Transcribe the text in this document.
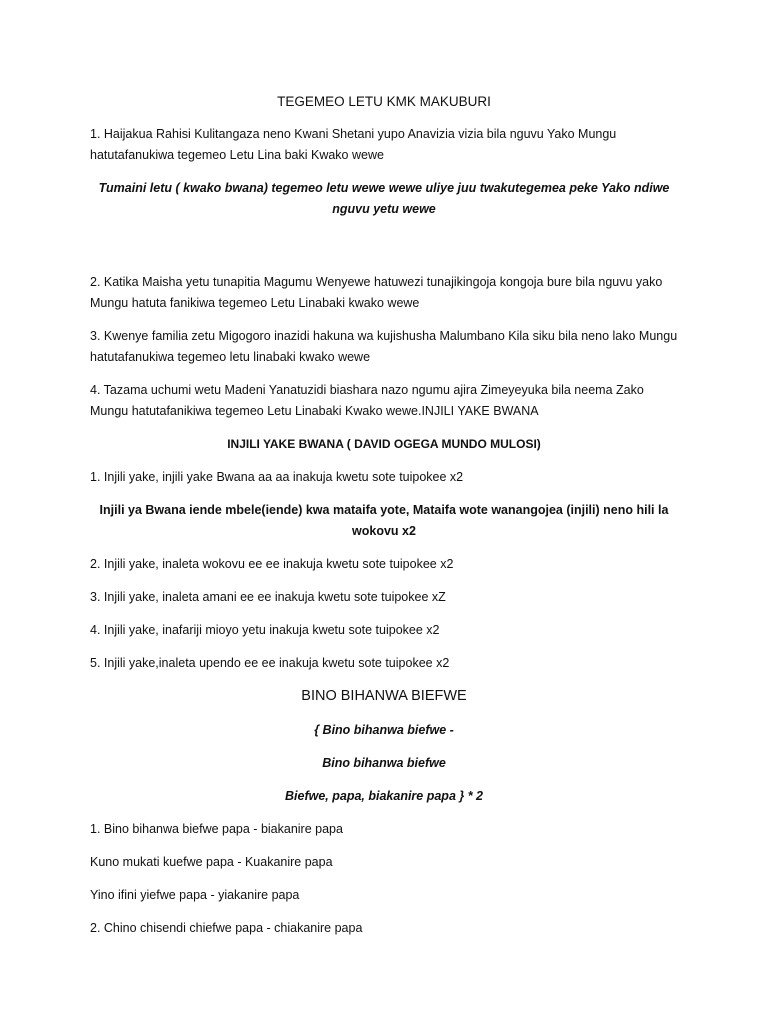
TEGEMEO LETU KMK MAKUBURI

1. Haijakua Rahisi Kulitangaza neno Kwani Shetani yupo Anavizia vizia bila nguvu Yako Mungu hatutafanukiwa tegemeo Letu Lina baki Kwako wewe

Tumaini letu ( kwako bwana) tegemeo letu wewe wewe uliye juu twakutegemea peke Yako ndiwe nguvu yetu wewe

2. Katika Maisha yetu tunapitia Magumu Wenyewe hatuwezi tunajikingoja kongoja bure bila nguvu yako Mungu hatuta fanikiwa tegemeo Letu Linabaki kwako wewe

3. Kwenye familia zetu Migogoro inazidi hakuna wa kujishusha Malumbano Kila siku bila neno lako Mungu hatutafanukiwa tegemeo letu linabaki kwako wewe

4. Tazama uchumi wetu Madeni Yanatuzidi biashara nazo ngumu ajira Zimeyeyuka bila neema Zako Mungu hatutafanikiwa tegemeo Letu Linabaki Kwako wewe.INJILI YAKE BWANA

INJILI YAKE BWANA ( DAVID OGEGA MUNDO MULOSI)

1. Injili yake, injili yake Bwana aa aa inakuja kwetu sote tuipokee x2

Injili ya Bwana iende mbele(iende) kwa mataifa yote, Mataifa wote wanangojea (injili) neno hili la wokovu x2

2. Injili yake, inaleta wokovu ee ee inakuja kwetu sote tuipokee x2

3. Injili yake, inaleta amani ee ee inakuja kwetu sote tuipokee xZ

4. Injili yake, inafariji mioyo yetu inakuja kwetu sote tuipokee x2

5. Injili yake,inaleta upendo ee ee inakuja kwetu sote tuipokee x2

BINO BIHANWA BIEFWE

{ Bino bihanwa biefwe -

Bino bihanwa biefwe

Biefwe, papa, biakanire papa } * 2

1. Bino bihanwa biefwe papa - biakanire papa

Kuno mukati kuefwe papa - Kuakanire papa

Yino ifini yiefwe papa - yiakanire papa

2. Chino chisendi chiefwe papa - chiakanire papa
